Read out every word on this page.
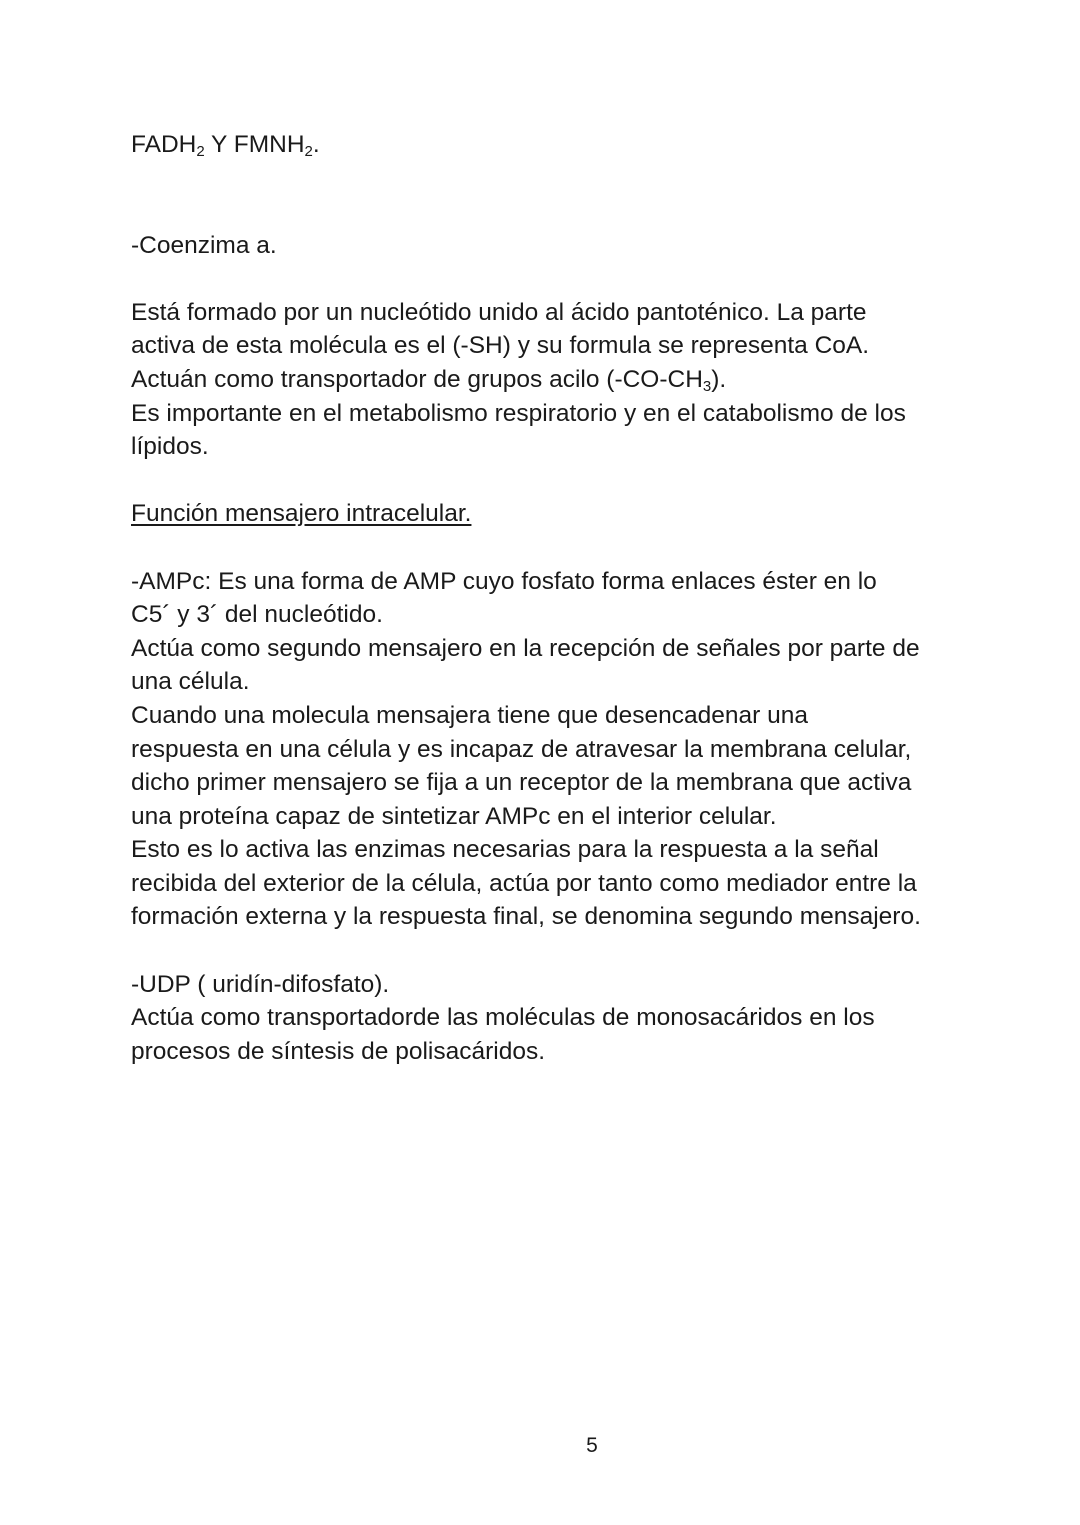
$FADH_2$ Y $FMNH_2$.
-Coenzima a.
Está formado por un nucleótido unido al ácido pantoténico. La parte
activa de esta molécula es el (-SH) y su formula se representa CoA.
Actuán como transportador de grupos acilo $(-CO-CH_3)$.
Es importante en el metabolismo respiratorio y en el catabolismo de los
lípidos.
Función mensajero intracelular.
-AMPc: Es una forma de AMP cuyo fosfato forma enlaces éster en lo
C5´ y 3´ del nucleótido.
Actúa como segundo mensajero en la recepción de señales por parte de
una célula.
Cuando una molecula mensajera tiene que desencadenar una
respuesta en una célula y es incapaz de atravesar la membrana celular,
dicho primer mensajero se fija a un receptor de la membrana que activa
una proteína capaz de sintetizar AMPc en el interior celular.
Esto es lo activa las enzimas necesarias para la respuesta a la señal
recibida del exterior de la célula, actúa por tanto como mediador entre la
formación externa y la respuesta final, se denomina segundo mensajero.
-UDP ( uridín-difosfato).
Actúa como transportadorde las moléculas de monosacáridos en los
procesos de síntesis de polisacáridos.
5
